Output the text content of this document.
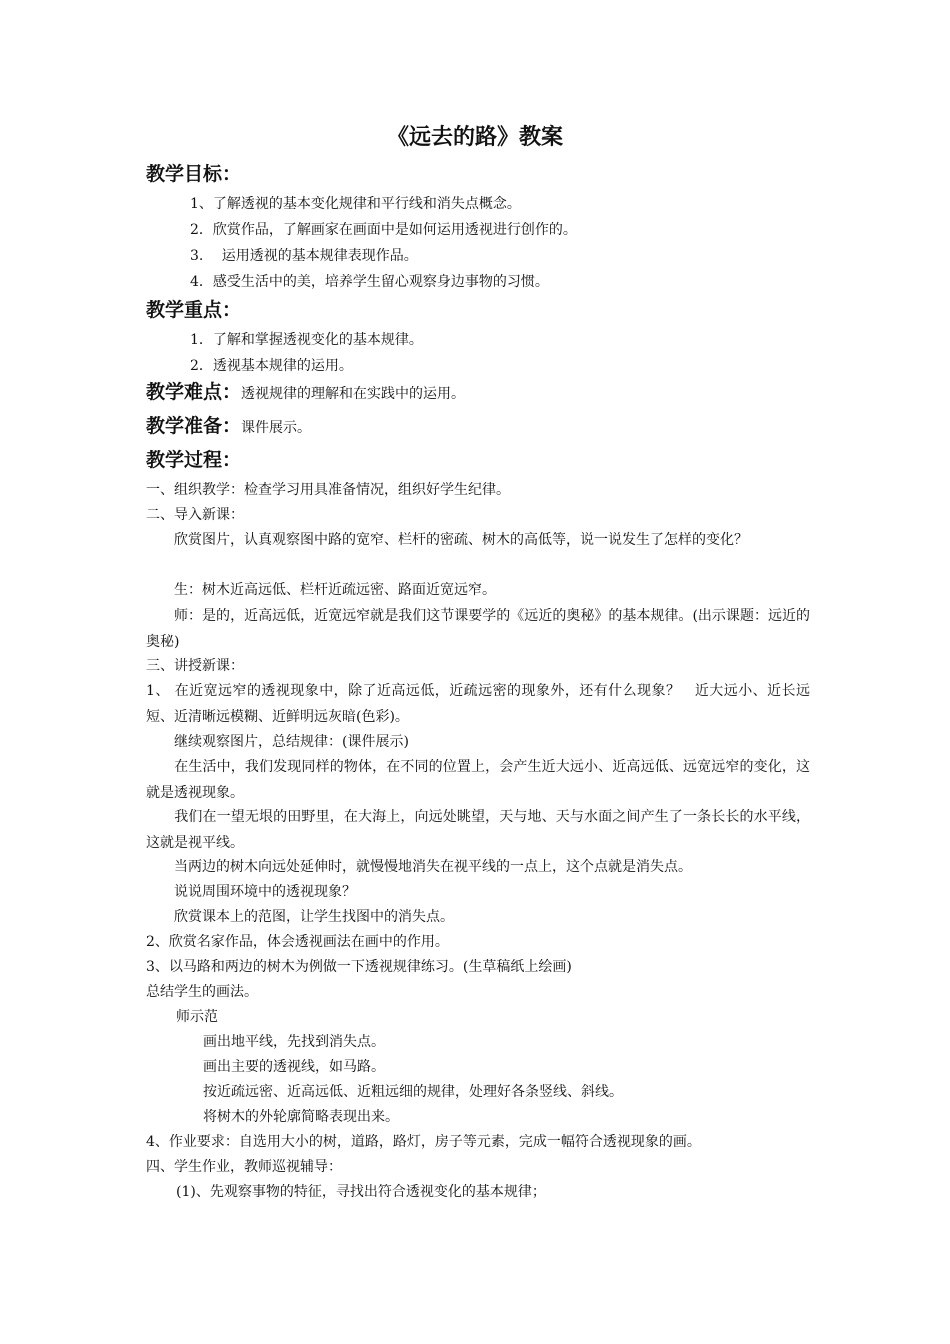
《远去的路》教案
教学目标：
1、了解透视的基本变化规律和平行线和消失点概念。
2．欣赏作品，了解画家在画面中是如何运用透视进行创作的。
3.　 运用透视的基本规律表现作品。
4．感受生活中的美，培养学生留心观察身边事物的习惯。
教学重点：
1．了解和掌握透视变化的基本规律。
2．透视基本规律的运用。
教学难点：透视规律的理解和在实践中的运用。
教学准备：课件展示。
教学过程：
一、组织教学：检查学习用具准备情况，组织好学生纪律。
二、导入新课：
　　欣赏图片，认真观察图中路的宽窄、栏杆的密疏、树木的高低等，说一说发生了怎样的变化？
　　生：树木近高远低、栏杆近疏远密、路面近宽远窄。
　　师：是的，近高远低，近宽远窄就是我们这节课要学的《远近的奥秘》的基本规律。(出示课题：远近的奥秘)
三、讲授新课：
1、 在近宽远窄的透视现象中，除了近高远低，近疏远密的现象外，还有什么现象？　近大远小、近长远短、近清晰远模糊、近鲜明远灰暗(色彩)。
　　继续观察图片，总结规律：(课件展示)
　　在生活中，我们发现同样的物体，在不同的位置上，会产生近大远小、近高远低、远宽远窄的变化，这就是透视现象。
　　我们在一望无垠的田野里，在大海上，向远处眺望，天与地、天与水面之间产生了一条长长的水平线，这就是视平线。
　　当两边的树木向远处延伸时，就慢慢地消失在视平线的一点上，这个点就是消失点。
　　说说周围环境中的透视现象？
　　欣赏课本上的范图，让学生找图中的消失点。
2、欣赏名家作品，体会透视画法在画中的作用。
3、以马路和两边的树木为例做一下透视规律练习。(生草稿纸上绘画)
总结学生的画法。
师示范
画出地平线，先找到消失点。
画出主要的透视线，如马路。
按近疏远密、近高远低、近粗远细的规律，处理好各条竖线、斜线。
将树木的外轮廓简略表现出来。
4、作业要求：自选用大小的树，道路，路灯，房子等元素，完成一幅符合透视现象的画。
四、学生作业，教师巡视辅导：
(1)、先观察事物的特征，寻找出符合透视变化的基本规律；
